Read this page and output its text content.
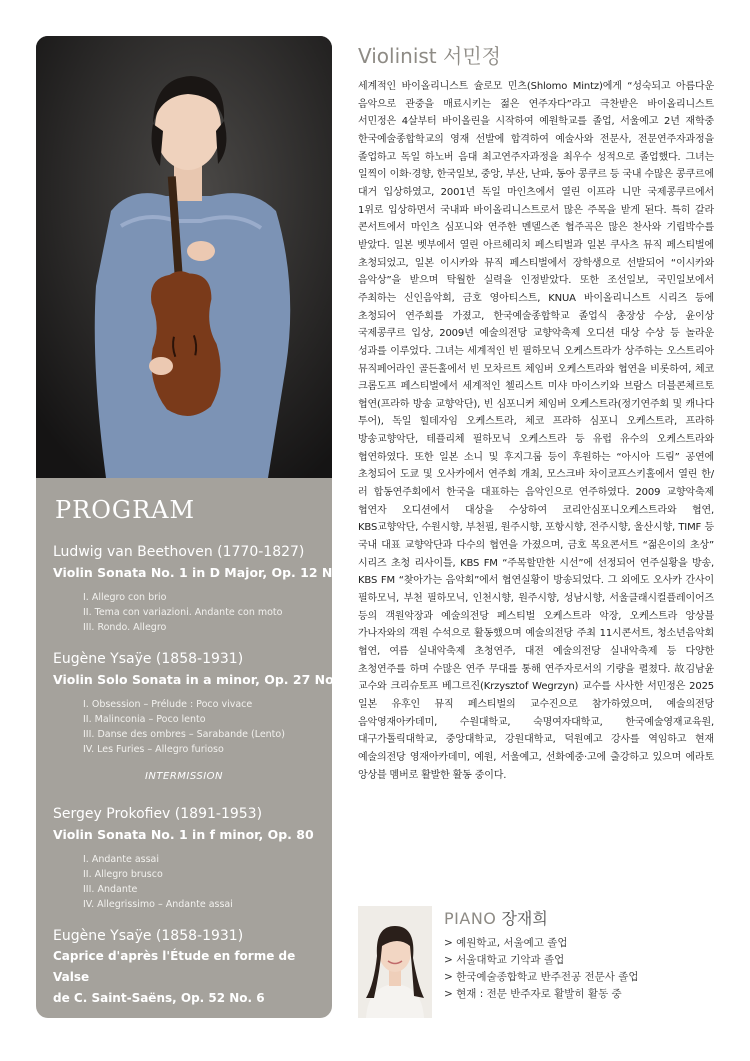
PROGRAM
Ludwig van Beethoven (1770-1827)
Violin Sonata No. 1 in D Major, Op. 12 No. 1
I. Allegro con brio
II. Tema con variazioni. Andante con moto
III. Rondo. Allegro
Eugène Ysaÿe (1858-1931)
Violin Solo Sonata in a minor, Op. 27 No. 2
I. Obsession – Prélude : Poco vivace
II. Malinconia – Poco lento
III. Danse des ombres – Sarabande (Lento)
IV. Les Furies – Allegro furioso
INTERMISSION
Sergey Prokofiev (1891-1953)
Violin Sonata No. 1 in f minor, Op. 80
I. Andante assai
II. Allegro brusco
III. Andante
IV. Allegrissimo – Andante assai
Eugène Ysaÿe (1858-1931)
Caprice d'après l'Étude en forme de Valse
de C. Saint-Saëns, Op. 52 No. 6
Violinist 서민정

세계적인 바이올리니스트 슐로모 민츠(Shlomo Mintz)에게 “성숙되고 아름다운 음악으로 관중을 매료시키는 젊은 연주자다”라고 극찬받은 바이올리니스트 서민정은 4살부터 바이올린을 시작하여 예원학교를 졸업, 서울예고 2년 재학중 한국예술종합학교의 영재 선발에 합격하여 예술사와 전문사, 전문연주자과정을 졸업하고 독일 하노버 음대 최고연주자과정을 최우수 성적으로 졸업했다. 그녀는 일찍이 이화·경향, 한국일보, 중앙, 부산, 난파, 동아 콩쿠르 등 국내 수많은 콩쿠르에 대거 입상하였고, 2001년 독일 마인츠에서 열린 이프라 니만 국제콩쿠르에서 1위로 입상하면서 국내파 바이올리니스트로서 많은 주목을 받게 된다. 특히 갈라 콘서트에서 마인츠 심포니와 연주한 멘델스존 협주곡은 많은 찬사와 기립박수를 받았다. 일본 벳부에서 열린 아르헤리치 페스티벌과 일본 쿠사츠 뮤직 페스티벌에 초청되었고, 일본 이시카와 뮤직 페스티벌에서 장학생으로 선발되어 “이시카와 음악상”을 받으며 탁월한 실력을 인정받았다. 또한 조선일보, 국민일보에서 주최하는 신인음악회, 금호 영아티스트, KNUA 바이올리니스트 시리즈 등에 초청되어 연주회를 가졌고, 한국예술종합학교 졸업식 총장상 수상, 윤이상 국제콩쿠르 입상, 2009년 예술의전당 교향악축제 오디션 대상 수상 등 놀라운 성과를 이루었다. 그녀는 세계적인 빈 필하모닉 오케스트라가 상주하는 오스트리아 뮤직페어라인 골든홀에서 빈 모차르트 체임버 오케스트라와 협연을 비롯하여, 체코 크롬도프 페스티벌에서 세계적인 첼리스트 미샤 마이스키와 브람스 더블콘체르토 협연(프라하 방송 교향악단), 빈 심포니커 체임버 오케스트라(정기연주회 및 캐나다 투어), 독일 힐데자임 오케스트라, 체코 프라하 심포니 오케스트라, 프라하 방송교향악단, 테플리체 필하모닉 오케스트라 등 유럽 유수의 오케스트라와 협연하였다. 또한 일본 소니 및 후지그룹 등이 후원하는 “아시아 드림” 공연에 초청되어 도쿄 및 오사카에서 연주회 개최, 모스크바 차이코프스키홀에서 열린 한/러 합동연주회에서 한국을 대표하는 음악인으로 연주하였다. 2009 교향악축제 협연자 오디션에서 대상을 수상하여 코리안심포니오케스트라와 협연, KBS교향악단, 수원시향, 부천필, 원주시향, 포항시향, 전주시향, 울산시향, TIMF 등 국내 대표 교향악단과 다수의 협연을 가졌으며, 금호 목요콘서트 “젊은이의 초상” 시리즈 초청 리사이틀, KBS FM “주목할만한 시선”에 선정되어 연주실황을 방송, KBS FM “찾아가는 음악회”에서 협연실황이 방송되었다. 그 외에도 오사카 간사이 필하모닉, 부천 필하모닉, 인천시향, 원주시향, 성남시향, 서울클래시컬플레이어즈 등의 객원악장과 예술의전당 페스티벌 오케스트라 악장, 오케스트라 앙상블 가나자와의 객원 수석으로 활동했으며 예술의전당 주최 11시콘서트, 청소년음악회 협연, 여름 실내악축제 초청연주, 대전 예술의전당 실내악축제 등 다양한 초청연주를 하며 수많은 연주 무대를 통해 연주자로서의 기량을 펼쳤다. 故김남윤 교수와 크리슈토프 베그르진(Krzysztof Wegrzyn) 교수를 사사한 서민정은 2025 일본 유후인 뮤직 페스티벌의 교수진으로 참가하였으며, 예술의전당 음악영재아카데미, 수원대학교, 숙명여자대학교, 한국예술영재교육원, 대구가톨릭대학교, 중앙대학교, 강원대학교, 덕원예고 강사를 역임하고 현재 예술의전당 영재아카데미, 예원, 서울예고, 선화예중·고에 출강하고 있으며 에라토 앙상블 멤버로 활발한 활동 중이다.

PIANO 장재희
> 예원학교, 서울예고 졸업
> 서울대학교 기악과 졸업
> 한국예술종합학교 반주전공 전문사 졸업
> 현재 : 전문 반주자로 활발히 활동 중
